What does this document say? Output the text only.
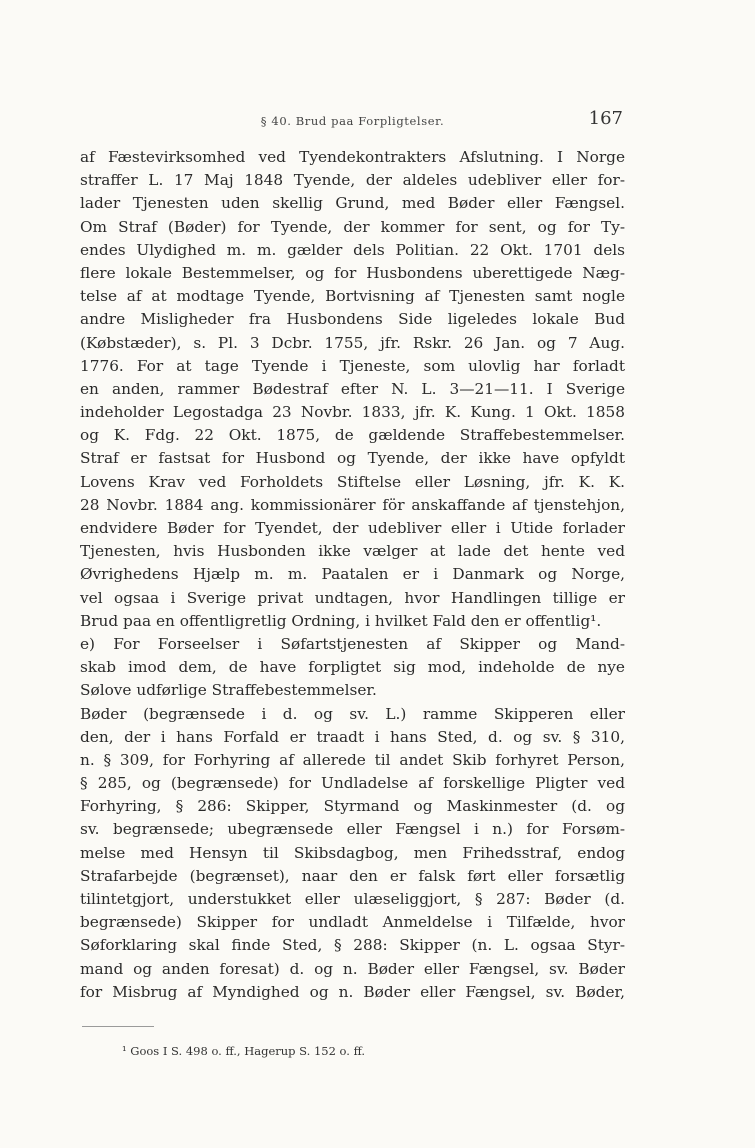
§ 40. Brud paa Forpligtelser.	167
af Fæstevirksomhed ved Tyendekontrakters Afslutning. I Norge
straffer L. 17 Maj 1848 Tyende, der aldeles udebliver eller for-
lader Tjenesten uden skellig Grund, med Bøder eller Fængsel.
Om Straf (Bøder) for Tyende, der kommer for sent, og for Ty-
endes Ulydighed m. m. gælder dels Politian. 22 Okt. 1701 dels
flere lokale Bestemmelser, og for Husbondens uberettigede Næg-
telse af at modtage Tyende, Bortvisning af Tjenesten samt nogle
andre Misligheder fra Husbondens Side ligeledes lokale Bud
(Købstæder), s. Pl. 3 Dcbr. 1755, jfr. Rskr. 26 Jan. og 7 Aug.
1776. For at tage Tyende i Tjeneste, som ulovlig har forladt
en anden, rammer Bødestraf efter N. L. 3—21—11. I Sverige
indeholder Legostadga 23 Novbr. 1833, jfr. K. Kung. 1 Okt. 1858
og K. Fdg. 22 Okt. 1875, de gældende Straffebestemmelser.
Straf er fastsat for Husbond og Tyende, der ikke have opfyldt
Lovens Krav ved Forholdets Stiftelse eller Løsning, jfr. K. K.
28 Novbr. 1884 ang. kommissionärer för anskaffande af tjenstehjon,
endvidere Bøder for Tyendet, der udebliver eller i Utide forlader
Tjenesten, hvis Husbonden ikke vælger at lade det hente ved
Øvrighedens Hjælp m. m. Paatalen er i Danmark og Norge,
vel ogsaa i Sverige privat undtagen, hvor Handlingen tillige er
Brud paa en offentligretlig Ordning, i hvilket Fald den er offentlig¹.
e) For Forseelser i Søfartstjenesten af Skipper og Mand-
skab imod dem, de have forpligtet sig mod, indeholde de nye
Sølove udførlige Straffebestemmelser.
Bøder (begrænsede i d. og sv. L.) ramme Skipperen eller
den, der i hans Forfald er traadt i hans Sted, d. og sv. § 310,
n. § 309, for Forhyring af allerede til andet Skib forhyret Person,
§ 285, og (begrænsede) for Undladelse af forskellige Pligter ved
Forhyring, § 286: Skipper, Styrmand og Maskinmester (d. og
sv. begrænsede; ubegrænsede eller Fængsel i n.) for Forsøm-
melse med Hensyn til Skibsdagbog, men Frihedsstraf, endog
Strafarbejde (begrænset), naar den er falsk ført eller forsætlig
tilintetgjort, understukket eller ulæseliggjort, § 287: Bøder (d.
begrænsede) Skipper for undladt Anmeldelse i Tilfælde, hvor
Søforklaring skal finde Sted, § 288: Skipper (n. L. ogsaa Styr-
mand og anden foresat) d. og n. Bøder eller Fængsel, sv. Bøder
for Misbrug af Myndighed og n. Bøder eller Fængsel, sv. Bøder,
¹ Goos I S. 498 o. ff., Hagerup S. 152 o. ff.
